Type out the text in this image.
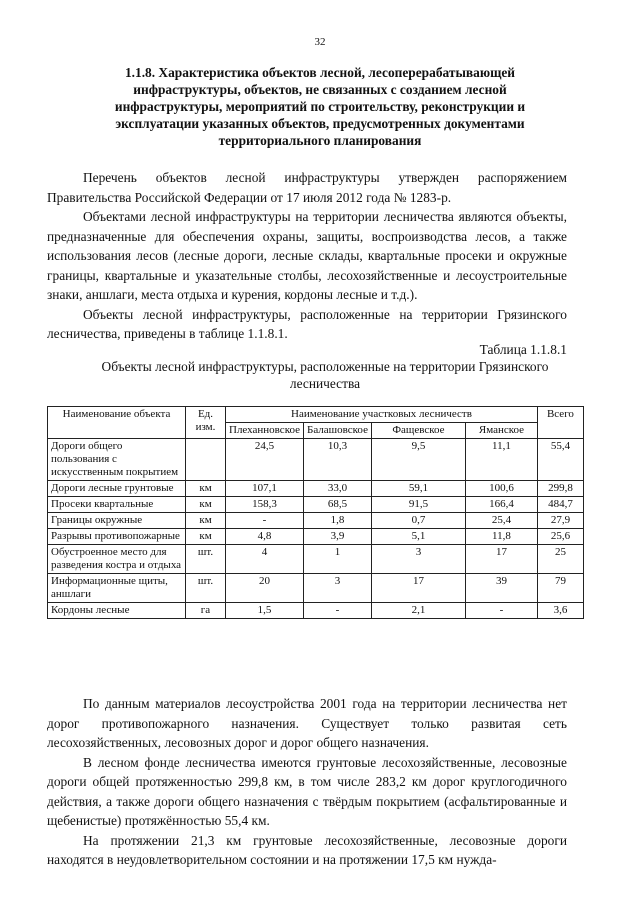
32
1.1.8. Характеристика объектов лесной, лесоперерабатывающей инфраструктуры, объектов, не связанных с созданием лесной инфраструктуры, мероприятий по строительству, реконструкции и эксплуатации указанных объектов, предусмотренных документами территориального планирования

Перечень объектов лесной инфраструктуры утвержден распоряжением Правительства Российской Федерации от 17 июля 2012 года № 1283-р.

Объектами лесной инфраструктуры на территории лесничества являются объекты, предназначенные для обеспечения охраны, защиты, воспроизводства лесов, а также использования лесов (лесные дороги, лесные склады, квартальные просеки и окружные границы, квартальные и указательные столбы, лесохозяйственные и лесоустроительные знаки, аншлаги, места отдыха и курения, кордоны лесные и т.д.).

Объекты лесной инфраструктуры, расположенные на территории Грязинского лесничества, приведены в таблице 1.1.8.1.

Таблица 1.1.8.1
Объекты лесной инфраструктуры, расположенные на территории Грязинского лесничества
Наименование объекта	Ед. изм.	Наименование участковых лесничеств				Всего
		Плеханновское	Балашовское	Фащевское	Яманское	
Дороги общего пользования с искусственным покрытием		24,5	10,3	9,5	11,1	55,4
Дороги лесные грунтовые	км	107,1	33,0	59,1	100,6	299,8
Просеки квартальные	км	158,3	68,5	91,5	166,4	484,7
Границы окружные	км	-	1,8	0,7	25,4	27,9
Разрывы противопожарные	км	4,8	3,9	5,1	11,8	25,6
Обустроенное место для разведения костра и отдыха	шт.	4	1	3	17	25
Информационные щиты, аншлаги	шт.	20	3	17	39	79
Кордоны лесные	га	1,5	-	2,1	-	3,6

По данным материалов лесоустройства 2001 года на территории лесничества нет дорог противопожарного назначения. Существует только развитая сеть лесохозяйственных, лесовозных дорог и дорог общего назначения.

В лесном фонде лесничества имеются грунтовые лесохозяйственные, лесовозные дороги общей протяженностью 299,8 км, в том числе 283,2 км дорог круглогодичного действия, а также дороги общего назначения с твёрдым покрытием (асфальтированные и щебенистые) протяжённостью 55,4 км.

На протяжении 21,3 км грунтовые лесохозяйственные, лесовозные дороги находятся в неудовлетворительном состоянии и на протяжении 17,5 км нужда-
